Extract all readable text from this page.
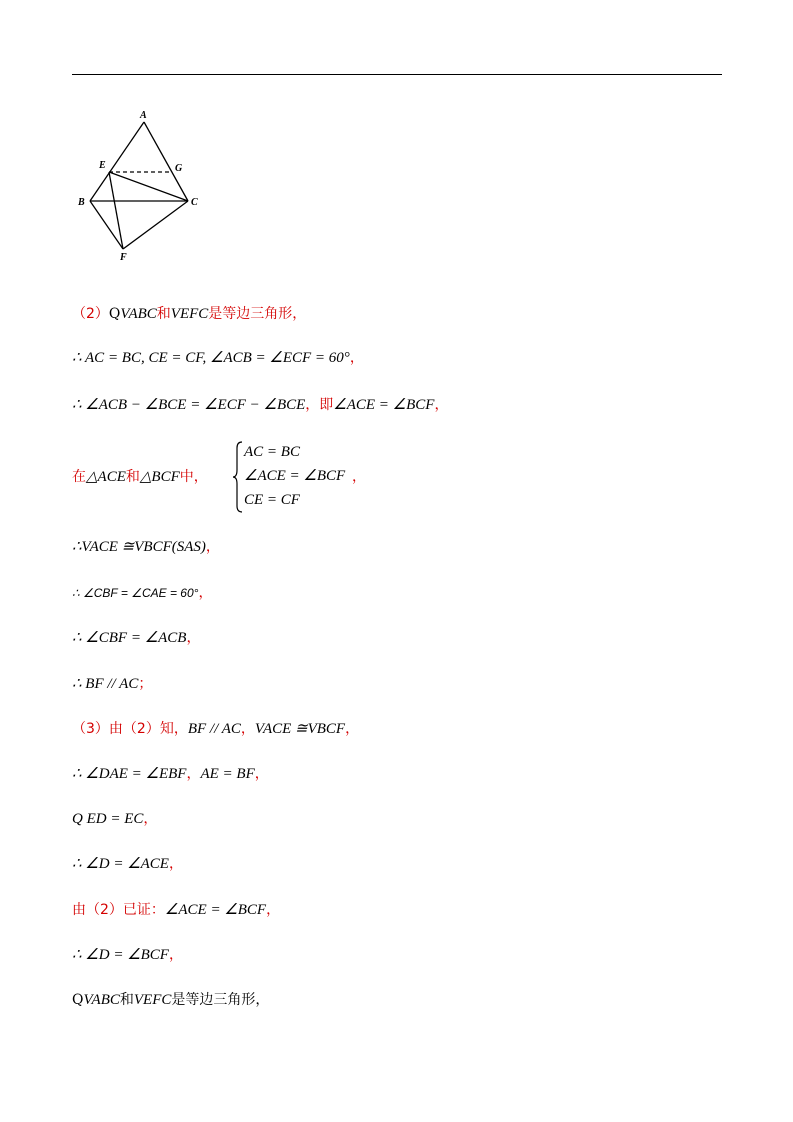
A
E	G
B	C
F
（2）QVABC和VEFC是等边三角形，
∴ AC = BC, CE = CF, ∠ACB = ∠ECF = 60°，
∴ ∠ACB − ∠BCE = ∠ECF − ∠BCE，即∠ACE = ∠BCF，
在△ACE和△BCF中，
AC = BC
∠ACE = ∠BCF
CE = CF
，
∴VACE ≅VBCF(SAS)，
∴ ∠CBF = ∠CAE = 60°，
∴ ∠CBF = ∠ACB，
∴ BF // AC；
（3）由（2）知，BF // AC，VACE ≅VBCF，
∴ ∠DAE = ∠EBF，AE = BF，
Q ED = EC，
∴ ∠D = ∠ACE，
由（2）已证：∠ACE = ∠BCF，
∴ ∠D = ∠BCF，
QVABC和VEFC是等边三角形，
